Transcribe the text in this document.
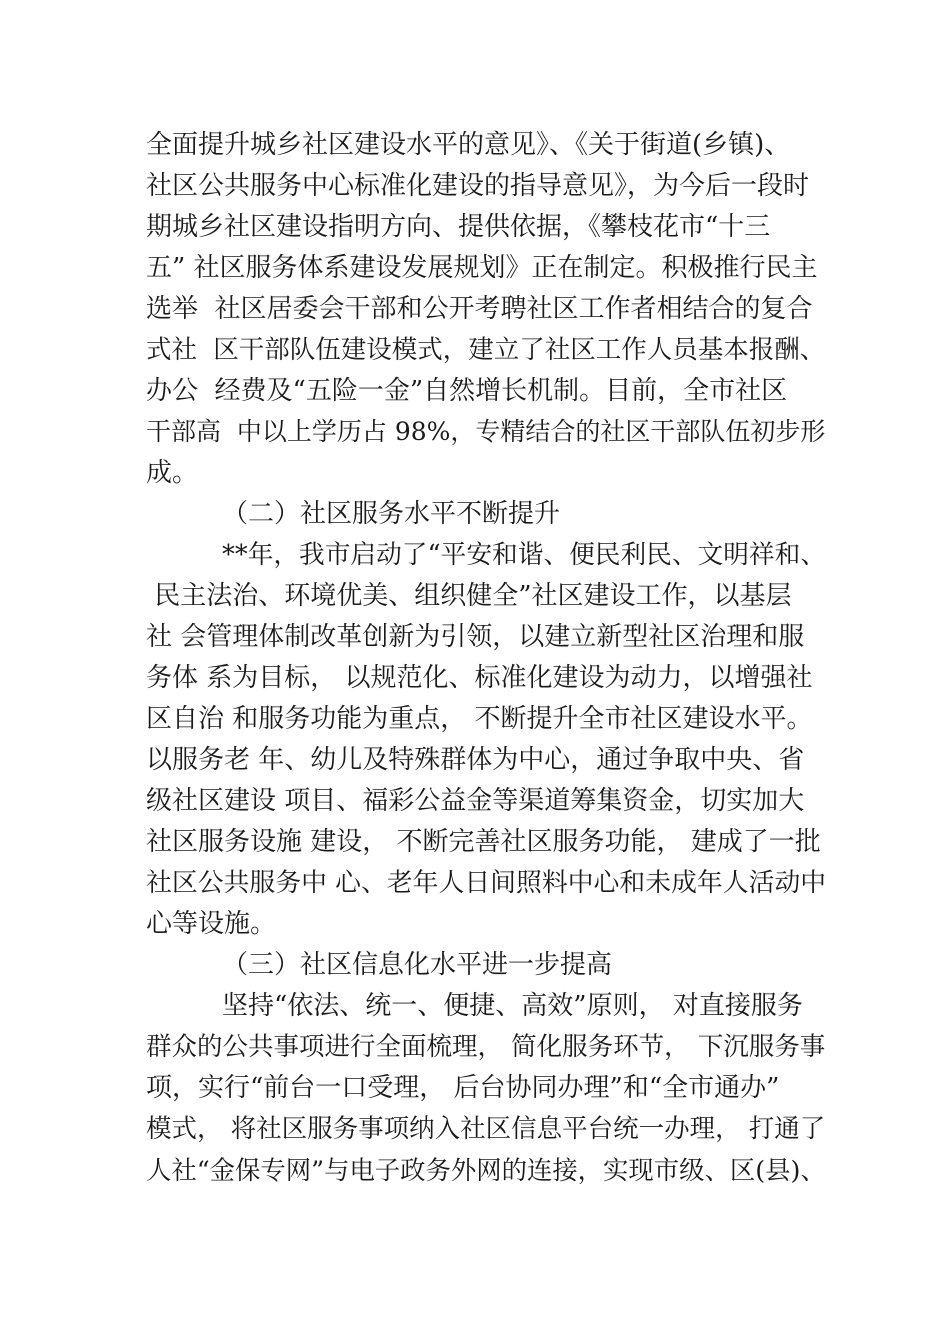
全面提升城乡社区建设水平的意见》、《关于街道(乡镇)、
社区公共服务中心标准化建设的指导意见》，为今后一段时
期城乡社区建设指明方向、提供依据，《攀枝花市“十三
五” 社区服务体系建设发展规划》正在制定。积极推行民主
选举  社区居委会干部和公开考聘社区工作者相结合的复合
式社  区干部队伍建设模式，建立了社区工作人员基本报酬、
办公  经费及“五险一金”自然增长机制。目前，全市社区
干部高  中以上学历占 98%，专精结合的社区干部队伍初步形
成。
（二）社区服务水平不断提升
**年，我市启动了“平安和谐、便民利民、文明祥和、
民主法治、环境优美、组织健全”社区建设工作，以基层
社 会管理体制改革创新为引领，以建立新型社区治理和服
务体 系为目标， 以规范化、标准化建设为动力，以增强社
区自治 和服务功能为重点， 不断提升全市社区建设水平。
以服务老 年、幼儿及特殊群体为中心，通过争取中央、省
级社区建设 项目、福彩公益金等渠道筹集资金，切实加大
社区服务设施 建设， 不断完善社区服务功能， 建成了一批
社区公共服务中 心、老年人日间照料中心和未成年人活动中
心等设施。
（三）社区信息化水平进一步提高
坚持“依法、统一、便捷、高效”原则， 对直接服务
群众的公共事项进行全面梳理， 简化服务环节， 下沉服务事
项，实行“前台一口受理， 后台协同办理”和“全市通办”
模式， 将社区服务事项纳入社区信息平台统一办理， 打通了
人社“金保专网”与电子政务外网的连接，实现市级、区(县)、
